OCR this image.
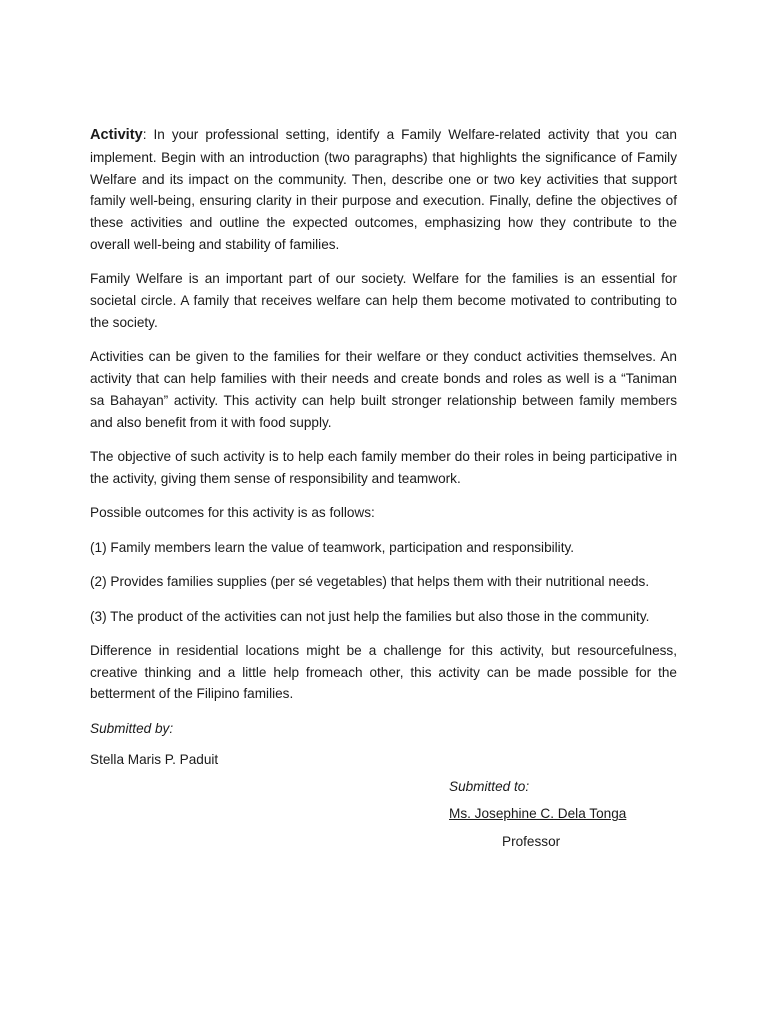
Activity: In your professional setting, identify a Family Welfare-related activity that you can implement. Begin with an introduction (two paragraphs) that highlights the significance of Family Welfare and its impact on the community. Then, describe one or two key activities that support family well-being, ensuring clarity in their purpose and execution. Finally, define the objectives of these activities and outline the expected outcomes, emphasizing how they contribute to the overall well-being and stability of families.

Family Welfare is an important part of our society. Welfare for the families is an essential for societal circle. A family that receives welfare can help them become motivated to contributing to the society.

Activities can be given to the families for their welfare or they conduct activities themselves. An activity that can help families with their needs and create bonds and roles as well is a “Taniman sa Bahayan” activity. This activity can help built stronger relationship between family members and also benefit from it with food supply.

The objective of such activity is to help each family member do their roles in being participative in the activity, giving them sense of responsibility and teamwork.

Possible outcomes for this activity is as follows:

(1) Family members learn the value of teamwork, participation and responsibility.

(2) Provides families supplies (per sé vegetables) that helps them with their nutritional needs.

(3) The product of the activities can not just help the families but also those in the community.

Difference in residential locations might be a challenge for this activity, but resourcefulness, creative thinking and a little help fromeach other, this activity can be made possible for the betterment of the Filipino families.

Submitted by:

Stella Maris P. Paduit

Submitted to:

Ms. Josephine C. Dela Tonga

Professor
